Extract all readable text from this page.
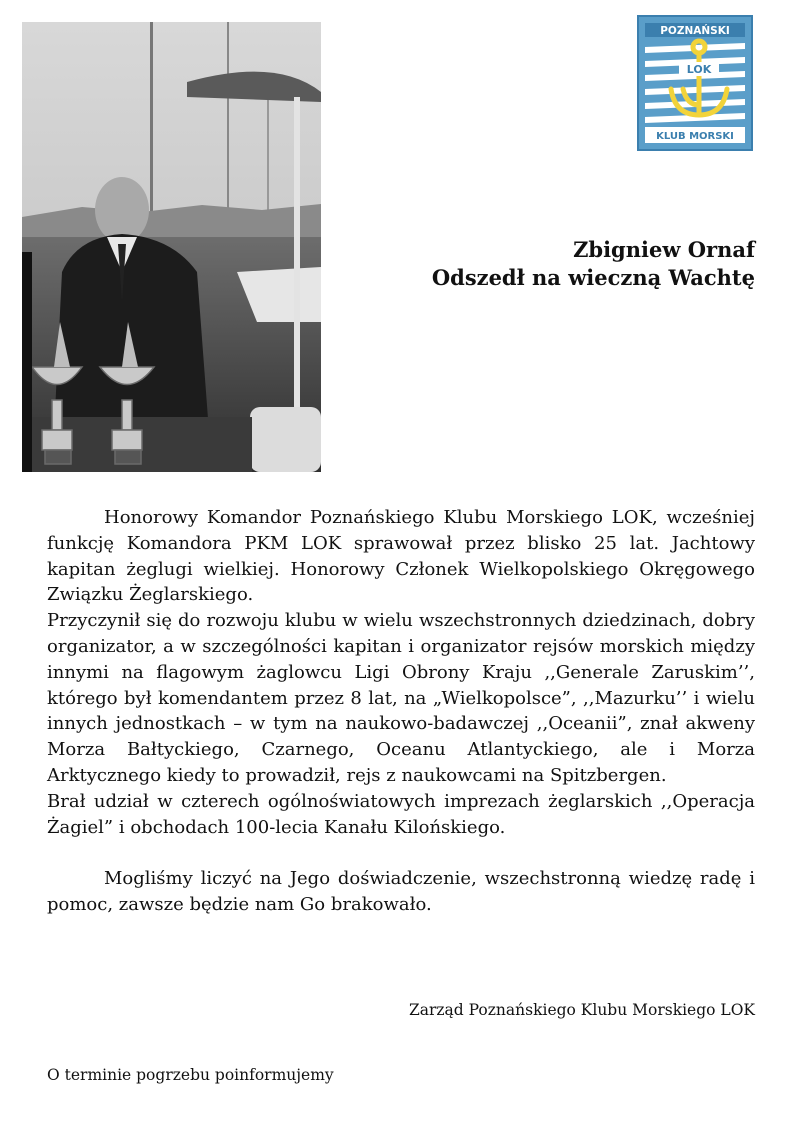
POZNAŃSKI
LOK
KLUB MORSKI
Zbigniew Ornaf
Odszedł na wieczną Wachtę

Honorowy Komandor Poznańskiego Klubu Morskiego LOK, wcześniej funkcję Komandora PKM LOK sprawował przez blisko 25 lat. Jachtowy kapitan żeglugi wielkiej. Honorowy Członek Wielkopolskiego Okręgowego Związku Żeglarskiego.

Przyczynił się do rozwoju klubu w wielu wszechstronnych dziedzinach, dobry organizator, a w szczególności kapitan i organizator rejsów morskich między innymi na flagowym żaglowcu Ligi Obrony Kraju ,,Generale Zaruskim’’, którego był komendantem przez 8 lat, na „Wielkopolsce”, ,,Mazurku’’ i wielu innych jednostkach – w tym na naukowo-badawczej ,,Oceanii”, znał akweny Morza Bałtyckiego, Czarnego, Oceanu Atlantyckiego, ale i Morza Arktycznego kiedy to prowadził, rejs z naukowcami na Spitzbergen.

Brał udział w czterech ogólnoświatowych imprezach żeglarskich ,,Operacja Żagiel” i obchodach 100-lecia Kanału Kilońskiego.

Mogliśmy liczyć na Jego doświadczenie, wszechstronną wiedzę radę i pomoc, zawsze będzie nam Go brakowało.

Zarząd Poznańskiego Klubu Morskiego LOK
O terminie pogrzebu poinformujemy
